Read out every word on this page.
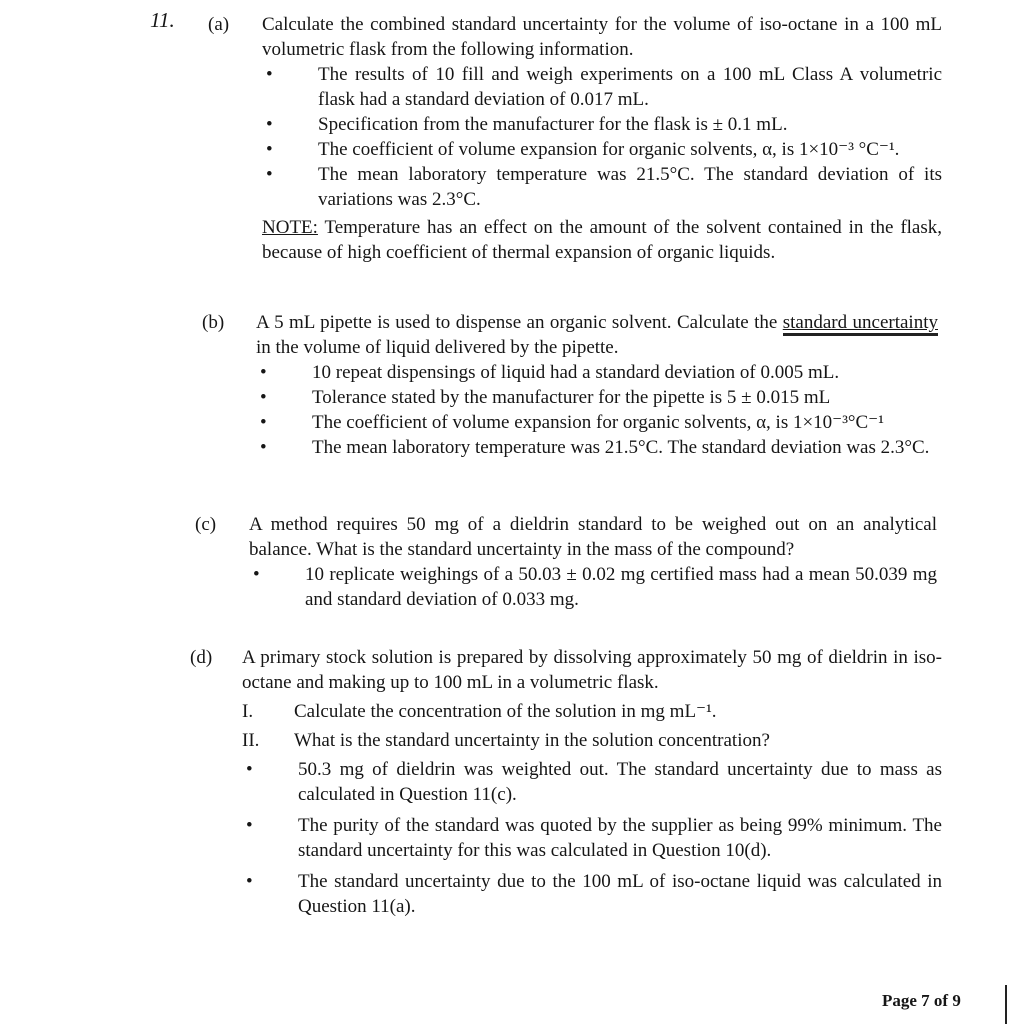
11. (a)	Calculate the combined standard uncertainty for the volume of iso-octane in a 100 mL volumetric flask from the following information.

•	The results of 10 fill and weigh experiments on a 100 mL Class A volumetric flask had a standard deviation of 0.017 mL.
•	Specification from the manufacturer for the flask is ± 0.1 mL.
•	The coefficient of volume expansion for organic solvents, α, is 1×10⁻³ °C⁻¹.
•	The mean laboratory temperature was 21.5°C. The standard deviation of its variations was 2.3°C.

NOTE: Temperature has an effect on the amount of the solvent contained in the flask, because of high coefficient of thermal expansion of organic liquids.

(b)	A 5 mL pipette is used to dispense an organic solvent. Calculate the standard uncertainty in the volume of liquid delivered by the pipette.

•	10 repeat dispensings of liquid had a standard deviation of 0.005 mL.
•	Tolerance stated by the manufacturer for the pipette is 5 ± 0.015 mL
•	The coefficient of volume expansion for organic solvents, α, is 1×10⁻³°C⁻¹
•	The mean laboratory temperature was 21.5°C. The standard deviation was 2.3°C.
(c)	A method requires 50 mg of a dieldrin standard to be weighed out on an analytical balance. What is the standard uncertainty in the mass of the compound?

•	10 replicate weighings of a 50.03 ± 0.02 mg certified mass had a mean 50.039 mg and standard deviation of 0.033 mg.
(d)	A primary stock solution is prepared by dissolving approximately 50 mg of dieldrin in iso-octane and making up to 100 mL in a volumetric flask.

I.	Calculate the concentration of the solution in mg mL⁻¹.
II.	What is the standard uncertainty in the solution concentration?
•	50.3 mg of dieldrin was weighted out. The standard uncertainty due to mass as calculated in Question 11(c).
•	The purity of the standard was quoted by the supplier as being 99% minimum. The standard uncertainty for this was calculated in Question 10(d).
•	The standard uncertainty due to the 100 mL of iso-octane liquid was calculated in Question 11(a).
Page 7 of 9
